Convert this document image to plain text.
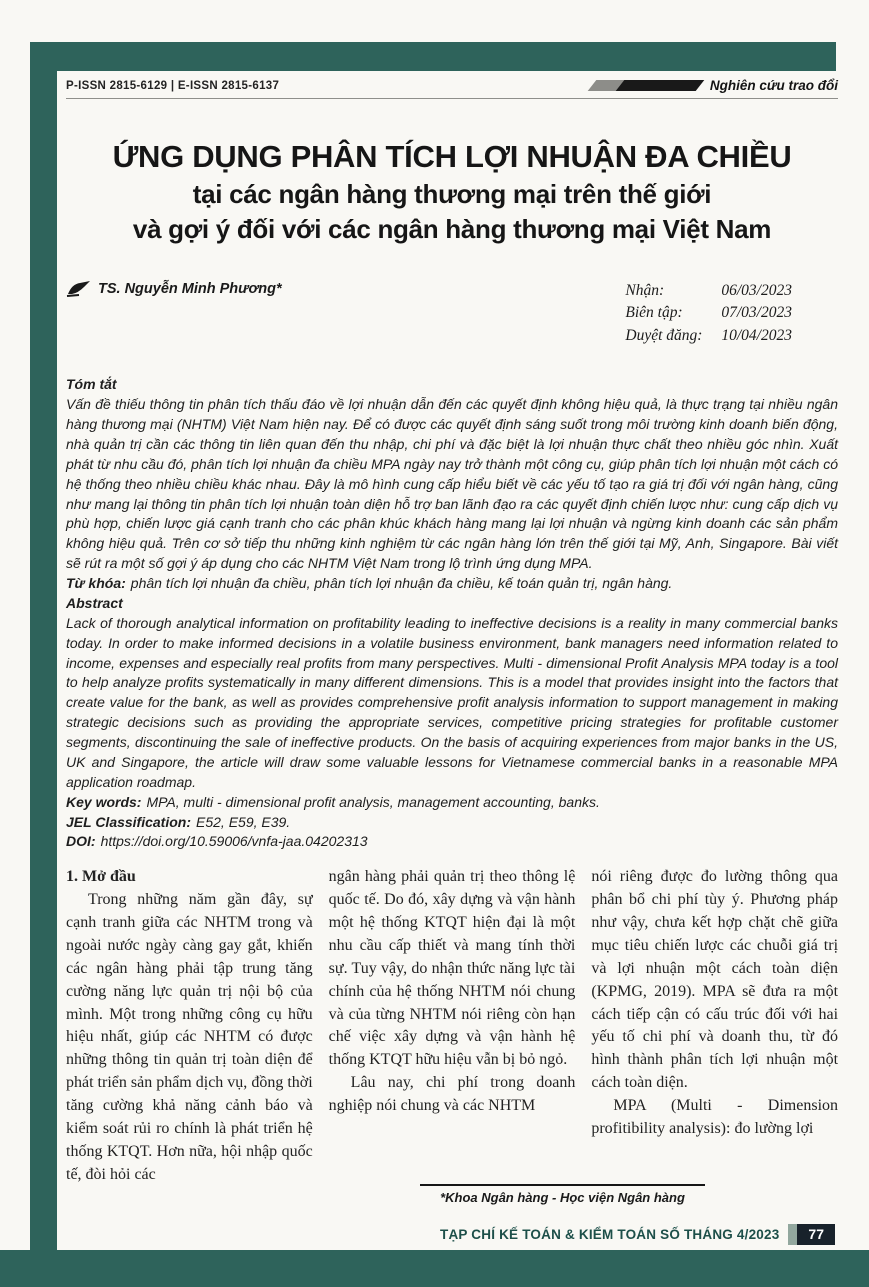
P-ISSN 2815-6129 | E-ISSN 2815-6137	Nghiên cứu trao đổi
ỨNG DỤNG PHÂN TÍCH LỢI NHUẬN ĐA CHIỀU
tại các ngân hàng thương mại trên thế giới
và gợi ý đối với các ngân hàng thương mại Việt Nam
TS. Nguyễn Minh Phương*	Nhận:	06/03/2023
Biên tập:	07/03/2023
Duyệt đăng:	10/04/2023

Tóm tắt

Vấn đề thiếu thông tin phân tích thấu đáo về lợi nhuận dẫn đến các quyết định không hiệu quả, là thực trạng tại nhiều ngân hàng thương mại (NHTM) Việt Nam hiện nay. Để có được các quyết định sáng suốt trong môi trường kinh doanh biến động, nhà quản trị cần các thông tin liên quan đến thu nhập, chi phí và đặc biệt là lợi nhuận thực chất theo nhiều góc nhìn. Xuất phát từ nhu cầu đó, phân tích lợi nhuận đa chiều MPA ngày nay trở thành một công cụ, giúp phân tích lợi nhuận một cách có hệ thống theo nhiều chiều khác nhau. Đây là mô hình cung cấp hiểu biết về các yếu tố tạo ra giá trị đối với ngân hàng, cũng như mang lại thông tin phân tích lợi nhuận toàn diện hỗ trợ ban lãnh đạo ra các quyết định chiến lược như: cung cấp dịch vụ phù hợp, chiến lược giá cạnh tranh cho các phân khúc khách hàng mang lại lợi nhuận và ngừng kinh doanh các sản phẩm không hiệu quả. Trên cơ sở tiếp thu những kinh nghiệm từ các ngân hàng lớn trên thế giới tại Mỹ, Anh, Singapore. Bài viết sẽ rút ra một số gợi ý áp dụng cho các NHTM Việt Nam trong lộ trình ứng dụng MPA.

Từ khóa: phân tích lợi nhuận đa chiều, phân tích lợi nhuận đa chiều, kế toán quản trị, ngân hàng.

Abstract

Lack of thorough analytical information on profitability leading to ineffective decisions is a reality in many commercial banks today. In order to make informed decisions in a volatile business environment, bank managers need information related to income, expenses and especially real profits from many perspectives. Multi - dimensional Profit Analysis MPA today is a tool to help analyze profits systematically in many different dimensions. This is a model that provides insight into the factors that create value for the bank, as well as provides comprehensive profit analysis information to support management in making strategic decisions such as providing the appropriate services, competitive pricing strategies for profitable customer segments, discontinuing the sale of ineffective products. On the basis of acquiring experiences from major banks in the US, UK and Singapore, the article will draw some valuable lessons for Vietnamese commercial banks in a reasonable MPA application roadmap.

Key words: MPA, multi - dimensional profit analysis, management accounting, banks.

JEL Classification: E52, E59, E39.

DOI: https://doi.org/10.59006/vnfa-jaa.04202313

1. Mở đầu

Trong những năm gần đây, sự cạnh tranh giữa các NHTM trong và ngoài nước ngày càng gay gắt, khiến các ngân hàng phải tập trung tăng cường năng lực quản trị nội bộ của mình. Một trong những công cụ hữu hiệu nhất, giúp các NHTM có được những thông tin quản trị toàn diện để phát triển sản phẩm dịch vụ, đồng thời tăng cường khả năng cảnh báo và kiểm soát rủi ro chính là phát triển hệ thống KTQT. Hơn nữa, hội nhập quốc tế, đòi hỏi các

ngân hàng phải quản trị theo thông lệ quốc tế. Do đó, xây dựng và vận hành một hệ thống KTQT hiện đại là một nhu cầu cấp thiết và mang tính thời sự. Tuy vậy, do nhận thức năng lực tài chính của hệ thống NHTM nói chung và của từng NHTM nói riêng còn hạn chế việc xây dựng và vận hành hệ thống KTQT hữu hiệu vẫn bị bỏ ngỏ.

Lâu nay, chi phí trong doanh nghiệp nói chung và các NHTM

nói riêng được đo lường thông qua phân bổ chi phí tùy ý. Phương pháp như vậy, chưa kết hợp chặt chẽ giữa mục tiêu chiến lược các chuỗi giá trị và lợi nhuận một cách toàn diện (KPMG, 2019). MPA sẽ đưa ra một cách tiếp cận có cấu trúc đối với hai yếu tố chi phí và doanh thu, từ đó hình thành phân tích lợi nhuận một cách toàn diện.

MPA (Multi - Dimension profitibility analysis): đo lường lợi

*Khoa Ngân hàng - Học viện Ngân hàng
TẠP CHÍ KẾ TOÁN & KIỂM TOÁN SỐ THÁNG 4/2023	77
